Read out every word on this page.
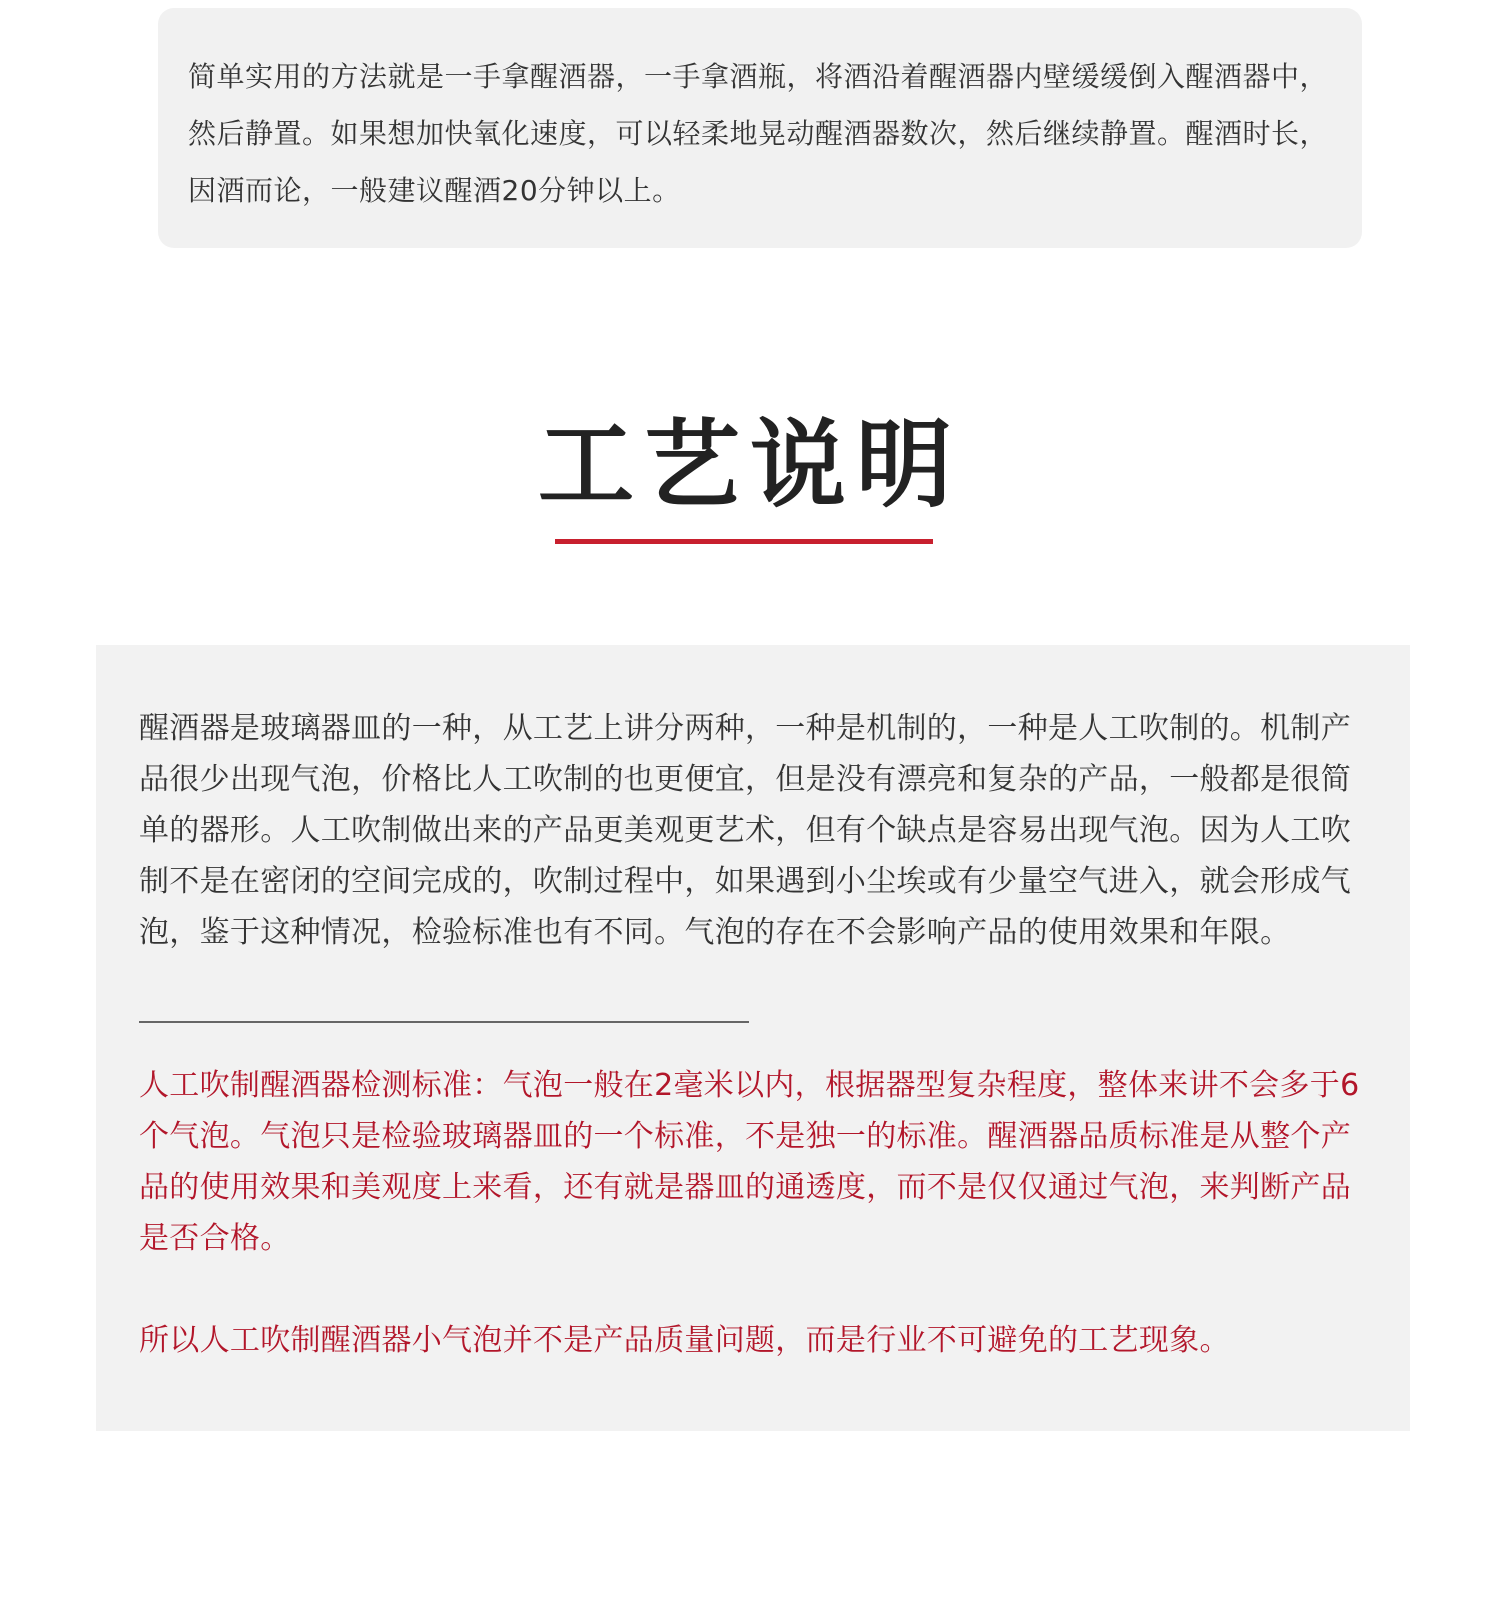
简单实用的方法就是一手拿醒酒器，一手拿酒瓶，将酒沿着醒酒器内壁缓缓倒入醒酒器中，然后静置。如果想加快氧化速度，可以轻柔地晃动醒酒器数次，然后继续静置。醒酒时长，因酒而论，一般建议醒酒20分钟以上。

工艺说明

醒酒器是玻璃器皿的一种，从工艺上讲分两种，一种是机制的，一种是人工吹制的。机制产品很少出现气泡，价格比人工吹制的也更便宜，但是没有漂亮和复杂的产品，一般都是很简单的器形。人工吹制做出来的产品更美观更艺术，但有个缺点是容易出现气泡。因为人工吹制不是在密闭的空间完成的，吹制过程中，如果遇到小尘埃或有少量空气进入，就会形成气泡，鉴于这种情况，检验标准也有不同。气泡的存在不会影响产品的使用效果和年限。

人工吹制醒酒器检测标准：气泡一般在2毫米以内，根据器型复杂程度，整体来讲不会多于6个气泡。气泡只是检验玻璃器皿的一个标准，不是独一的标准。醒酒器品质标准是从整个产品的使用效果和美观度上来看，还有就是器皿的通透度，而不是仅仅通过气泡，来判断产品是否合格。

所以人工吹制醒酒器小气泡并不是产品质量问题，而是行业不可避免的工艺现象。
